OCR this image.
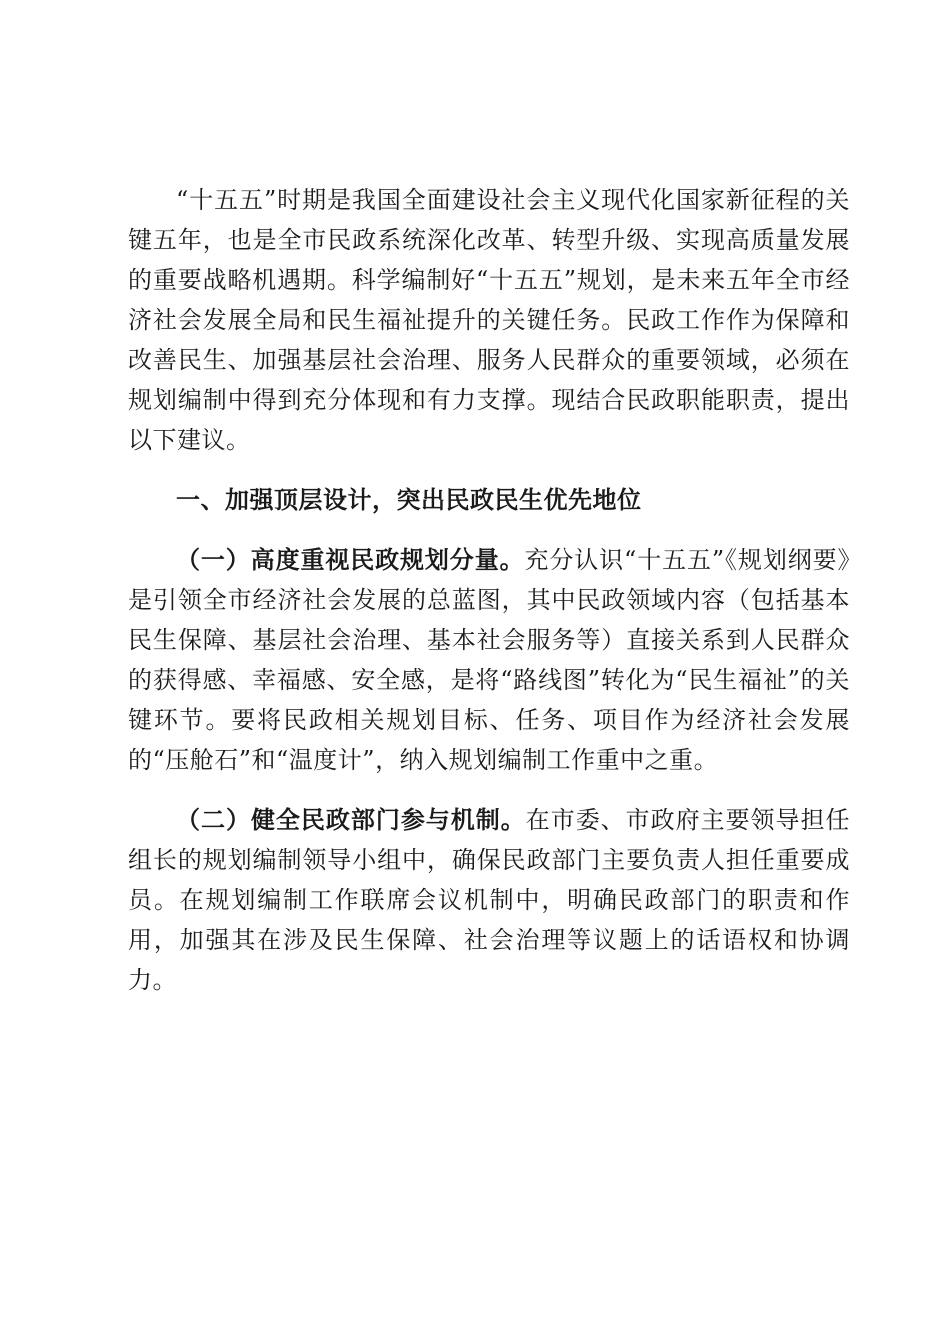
“十五五”时期是我国全面建设社会主义现代化国家新征程的关键五年，也是全市民政系统深化改革、转型升级、实现高质量发展的重要战略机遇期。科学编制好“十五五”规划，是未来五年全市经济社会发展全局和民生福祉提升的关键任务。民政工作作为保障和改善民生、加强基层社会治理、服务人民群众的重要领域，必须在规划编制中得到充分体现和有力支撑。现结合民政职能职责，提出以下建议。

一、加强顶层设计，突出民政民生优先地位

（一）高度重视民政规划分量。充分认识“十五五”《规划纲要》是引领全市经济社会发展的总蓝图，其中民政领域内容（包括基本民生保障、基层社会治理、基本社会服务等）直接关系到人民群众的获得感、幸福感、安全感，是将“路线图”转化为“民生福祉”的关键环节。要将民政相关规划目标、任务、项目作为经济社会发展的“压舱石”和“温度计”，纳入规划编制工作重中之重。

（二）健全民政部门参与机制。在市委、市政府主要领导担任组长的规划编制领导小组中，确保民政部门主要负责人担任重要成员。在规划编制工作联席会议机制中，明确民政部门的职责和作用，加强其在涉及民生保障、社会治理等议题上的话语权和协调力。
